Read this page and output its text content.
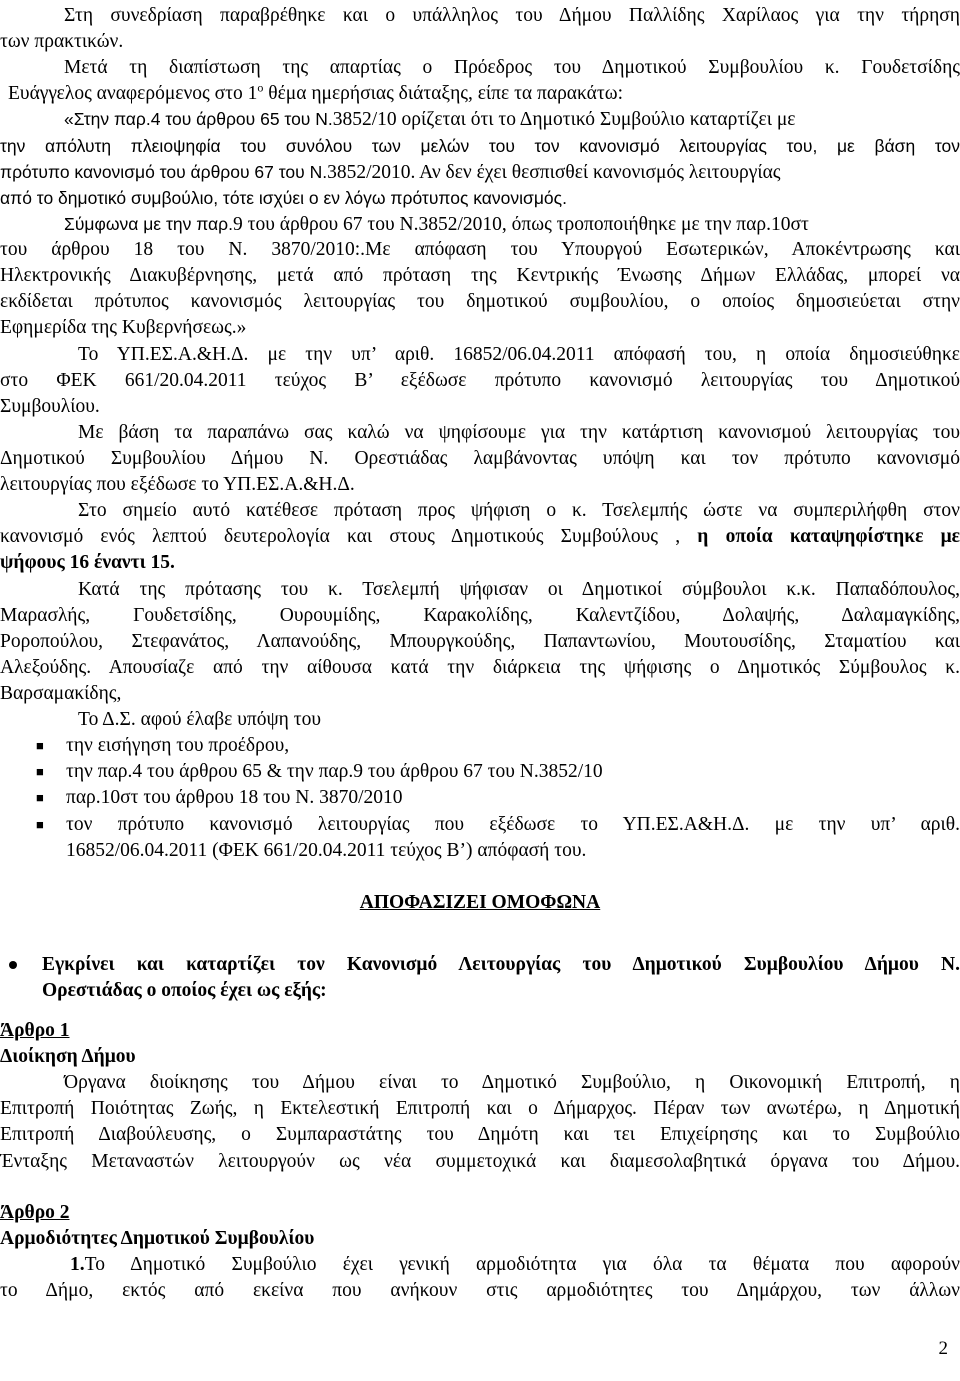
Στη συνεδρίαση παραβρέθηκε και ο υπάλληλος του Δήμου Παλλίδης Χαρίλαος για την τήρηση
των πρακτικών.
Μετά τη διαπίστωση της απαρτίας ο Πρόεδρος του Δημοτικού Συμβουλίου κ. Γουδετσίδης
Ευάγγελος αναφερόμενος στο $1^o$ θέμα ημερήσιας διάταξης, είπε τα παρακάτω:
«Στην παρ.4 του άρθρου 65 του Ν.3852/10 ορίζεται ότι το Δημοτικό Συμβούλιο καταρτίζει με
την απόλυτη πλειοψηφία του συνόλου των μελών του τον κανονισμό λειτουργίας του, με βάση τον
πρότυπο κανονισμό του άρθρου 67 του Ν.3852/2010. Αν δεν έχει θεσπισθεί κανονισμός λειτουργίας
από το δημοτικό συμβούλιο, τότε ισχύει ο εν λόγω πρότυπος κανονισμός.
Σύμφωνα με την παρ.9 του άρθρου 67 του Ν.3852/2010, όπως τροποποιήθηκε με την παρ.10στ
του άρθρου 18 του Ν. 3870/2010:.Με απόφαση του Υπουργού Εσωτερικών, Αποκέντρωσης και
Ηλεκτρονικής Διακυβέρνησης, μετά από πρόταση της Κεντρικής Ένωσης Δήμων Ελλάδας, μπορεί να
εκδίδεται πρότυπος κανονισμός λειτουργίας του δημοτικού συμβουλίου, ο οποίος δημοσιεύεται στην
Εφημερίδα της Κυβερνήσεως.»
Το ΥΠ.ΕΣ.Α.&Η.Δ. με την υπ’ αριθ. 16852/06.04.2011 απόφασή του, η οποία δημοσιεύθηκε
στο ΦΕΚ 661/20.04.2011 τεύχος Β’ εξέδωσε πρότυπο κανονισμό λειτουργίας του Δημοτικού
Συμβουλίου.
Με βάση τα παραπάνω σας καλώ να ψηφίσουμε για την κατάρτιση κανονισμού λειτουργίας του
Δημοτικού Συμβουλίου Δήμου Ν. Ορεστιάδας λαμβάνοντας υπόψη και τον πρότυπο κανονισμό
λειτουργίας που εξέδωσε το ΥΠ.ΕΣ.Α.&Η.Δ.
Στο σημείο αυτό κατέθεσε πρόταση προς ψήφιση ο κ. Τσελεμπής ώστε να συμπεριλήφθη στον
κανονισμό ενός λεπτού δευτερολογία και στους Δημοτικούς Συμβούλους , η οποία καταψηφίστηκε με
ψήφους 16 έναντι 15.
Κατά της πρότασης του κ. Τσελεμπή ψήφισαν οι Δημοτικοί σύμβουλοι κ.κ. Παπαδόπουλος,
Μαρασλής, Γουδετσίδης, Ουρουμίδης, Καρακολίδης, Καλεντζίδου, Δολαψής, Δαλαμαγκίδης,
Ροροπούλου, Στεφανάτος, Λαπανούδης, Μπουργκούδης, Παπαντωνίου, Μουτουσίδης, Σταματίου και
Αλεξούδης. Απουσίαζε από την αίθουσα κατά την διάρκεια της ψήφισης ο Δημοτικός Σύμβουλος κ.
Βαρσαμακίδης,
Το Δ.Σ. αφού έλαβε υπόψη του
■ την εισήγηση του προέδρου,
■ την παρ.4 του άρθρου 65 & την παρ.9 του άρθρου 67 του Ν.3852/10
■ παρ.10στ του άρθρου 18 του Ν. 3870/2010
■ τον πρότυπο κανονισμό λειτουργίας που εξέδωσε το ΥΠ.ΕΣ.Α&Η.Δ. με την υπ’ αριθ.
16852/06.04.2011 (ΦΕΚ 661/20.04.2011 τεύχος Β’) απόφασή του.
ΑΠΟΦΑΣΙΖΕΙ ΟΜΟΦΩΝΑ
Εγκρίνει και καταρτίζει τον Κανονισμό Λειτουργίας του Δημοτικού Συμβουλίου Δήμου Ν.
Ορεστιάδας ο οποίος έχει ως εξής:
Άρθρο 1
Διοίκηση Δήμου
Όργανα διοίκησης του Δήμου είναι το Δημοτικό Συμβούλιο, η Οικονομική Επιτροπή, η
Επιτροπή Ποιότητας Ζωής, η Εκτελεστική Επιτροπή και ο Δήμαρχος. Πέραν των ανωτέρω, η Δημοτική
Επιτροπή Διαβούλευσης, ο Συμπαραστάτης του Δημότη και τει Επιχείρησης και το Συμβούλιο
Ένταξης Μεταναστών λειτουργούν ως νέα συμμετοχικά και διαμεσολαβητικά όργανα του Δήμου.
Άρθρο 2
Αρμοδιότητες Δημοτικού Συμβουλίου
1.Το Δημοτικό Συμβούλιο έχει γενική αρμοδιότητα για όλα τα θέματα που αφορούν
το Δήμο, εκτός από εκείνα που ανήκουν στις αρμοδιότητες του Δημάρχου, των άλλων
2
